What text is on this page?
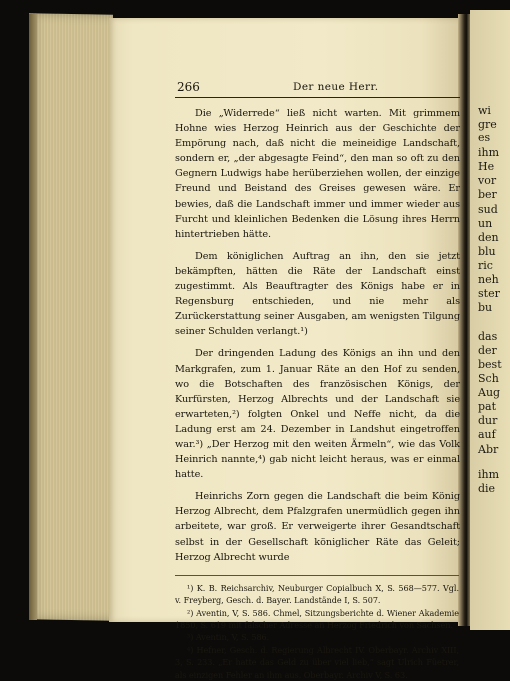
wi
gre
es
ihm
He
vor
ber
sud
un
den
blu
ric
neh
ster
bu
das
der
best
Sch
Aug
pat
dur
auf
Abr
ihm
die
266	Der neue Herr.

Die „Widerrede“ ließ nicht warten. Mit grimmem Hohne wies Herzog Heinrich aus der Geschichte der Empörung nach, daß nicht die meineidige Landschaft, sondern er, „der abgesagte Feind“, den man so oft zu den Gegnern Ludwigs habe herüberziehen wollen, der einzige Freund und Beistand des Greises gewesen wäre. Er bewies, daß die Landschaft immer und immer wieder aus Furcht und kleinlichen Bedenken die Lösung ihres Herrn hintertrieben hätte.

Dem königlichen Auftrag an ihn, den sie jetzt bekämpften, hätten die Räte der Landschaft einst zugestimmt. Als Beauftragter des Königs habe er in Regensburg entschieden, und nie mehr als Zurückerstattung seiner Ausgaben, am wenigsten Tilgung seiner Schulden verlangt.¹)

Der dringenden Ladung des Königs an ihn und den Markgrafen, zum 1. Januar Räte an den Hof zu senden, wo die Botschaften des französischen Königs, der Kurfürsten, Herzog Albrechts und der Landschaft sie erwarteten,²) folgten Onkel und Neffe nicht, da die Ladung erst am 24. Dezember in Landshut eingetroffen war.³) „Der Herzog mit den weiten Ärmeln“, wie das Volk Heinrich nannte,⁴) gab nicht leicht heraus, was er einmal hatte.

Heinrichs Zorn gegen die Landschaft die beim König Herzog Albrecht, dem Pfalzgrafen unermüdlich gegen ihn arbeitete, war groß. Er verweigerte ihrer Gesandtschaft selbst in der Gesellschaft königlicher Räte das Geleit; Herzog Albrecht wurde

¹) K. B. Reichsarchiv, Neuburger Copialbuch X, S. 568—577. Vgl. v. Freyberg, Gesch. d. Bayer. Landstände I, S. 507.

²) Aventin, V, S. 586. Chmel, Sitzungsberichte d. Wiener Akademie 1850, S. 619 mit falscher Adresse an Herzog Friedrich von Sachsen.

³) Aventin, V, S. 586.

⁴) Hefner, Gesch. d. Regierung Albrecht IV. Oberbayr. Archiv XIII, 3, S. 233. „Er hatte das Geld zu über viel lieb,“ sagt Ulrich Füetrer, als einzigen Fehler an ihm aus. Oberbayr. Archiv V, S. 63.
